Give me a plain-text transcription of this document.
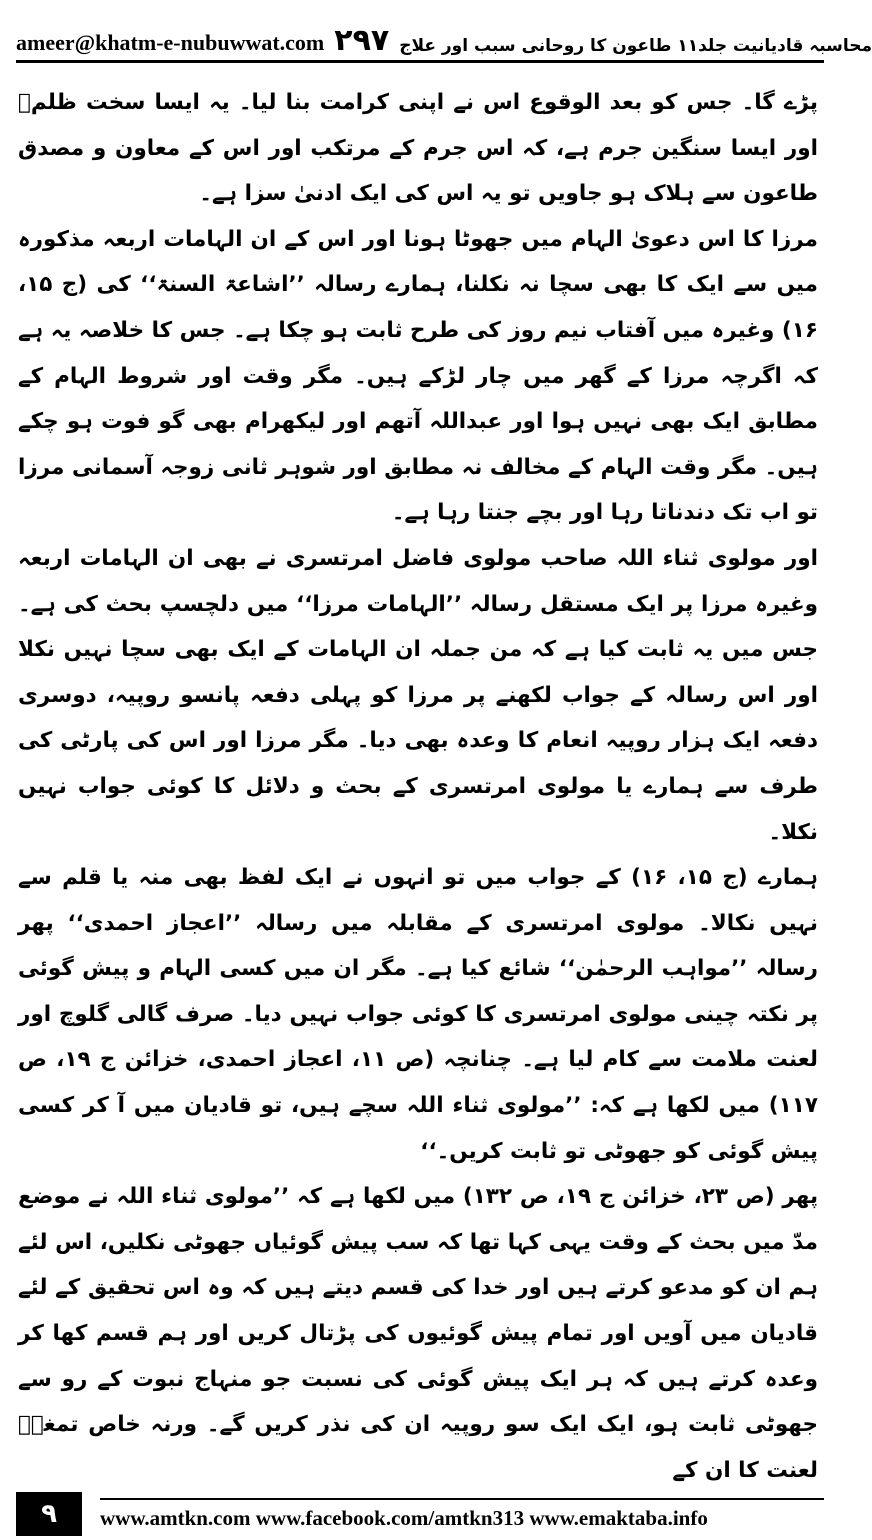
ameer@khatm-e-nubuwwat.com ۲۹۷ محاسبہ قادیانیت جلد۱۱ طاعون کا روحانی سبب اور علاج

پڑے گا۔ جس کو بعد الوقوع اس نے اپنی کرامت بنا لیا۔ یہ ایسا سخت ظلمؔ اور ایسا سنگین جرم ہے، کہ اس جرم کے مرتکب اور اس کے معاون و مصدق طاعون سے ہلاک ہو جاویں تو یہ اس کی ایک ادنیٰ سزا ہے۔

مرزا کا اس دعویٰ الہام میں جھوٹا ہونا اور اس کے ان الہامات اربعہ مذکورہ میں سے ایک کا بھی سچا نہ نکلنا، ہمارے رسالہ ’’اشاعۃ السنۃ‘‘ کی (ج ۱۵، ۱۶) وغیرہ میں آفتاب نیم روز کی طرح ثابت ہو چکا ہے۔ جس کا خلاصہ یہ ہے کہ اگرچہ مرزا کے گھر میں چار لڑکے ہیں۔ مگر وقت اور شروط الہام کے مطابق ایک بھی نہیں ہوا اور عبداللہ آتھم اور لیکھرام بھی گو فوت ہو چکے ہیں۔ مگر وقت الہام کے مخالف نہ مطابق اور شوہر ثانی زوجہ آسمانی مرزا تو اب تک دندناتا رہا اور بچے جنتا رہا ہے۔

اور مولوی ثناء اللہ صاحب مولوی فاضل امرتسری نے بھی ان الہامات اربعہ وغیرہ مرزا پر ایک مستقل رسالہ ’’الہامات مرزا‘‘ میں دلچسپ بحث کی ہے۔ جس میں یہ ثابت کیا ہے کہ من جملہ ان الہامات کے ایک بھی سچا نہیں نکلا اور اس رسالہ کے جواب لکھنے پر مرزا کو پہلی دفعہ پانسو روپیہ، دوسری دفعہ ایک ہزار روپیہ انعام کا وعدہ بھی دیا۔ مگر مرزا اور اس کی پارٹی کی طرف سے ہمارے یا مولوی امرتسری کے بحث و دلائل کا کوئی جواب نہیں نکلا۔

ہمارے (ج ۱۵، ۱۶) کے جواب میں تو انہوں نے ایک لفظ بھی منہ یا قلم سے نہیں نکالا۔ مولوی امرتسری کے مقابلہ میں رسالہ ’’اعجاز احمدی‘‘ پھر رسالہ ’’مواہب الرحمٰن‘‘ شائع کیا ہے۔ مگر ان میں کسی الہام و پیش گوئی پر نکتہ چینی مولوی امرتسری کا کوئی جواب نہیں دیا۔ صرف گالی گلوچ اور لعنت ملامت سے کام لیا ہے۔ چنانچہ (ص ۱۱، اعجاز احمدی، خزائن ج ۱۹، ص ۱۱۷) میں لکھا ہے کہ: ’’مولوی ثناء اللہ سچے ہیں، تو قادیان میں آ کر کسی پیش گوئی کو جھوٹی تو ثابت کریں۔‘‘

پھر (ص ۲۳، خزائن ج ۱۹، ص ۱۳۲) میں لکھا ہے کہ ’’مولوی ثناء اللہ نے موضع مدّ میں بحث کے وقت یہی کہا تھا کہ سب پیش گوئیاں جھوٹی نکلیں، اس لئے ہم ان کو مدعو کرتے ہیں اور خدا کی قسم دیتے ہیں کہ وہ اس تحقیق کے لئے قادیان میں آویں اور تمام پیش گوئیوں کی پڑتال کریں اور ہم قسم کھا کر وعدہ کرتے ہیں کہ ہر ایک پیش گوئی کی نسبت جو منہاج نبوت کے رو سے جھوٹی ثابت ہو، ایک ایک سو روپیہ ان کی نذر کریں گے۔ ورنہ خاص تمغہؔ لعنت کا ان کے

۹	www.amtkn.com www.facebook.com/amtkn313 www.emaktaba.info
